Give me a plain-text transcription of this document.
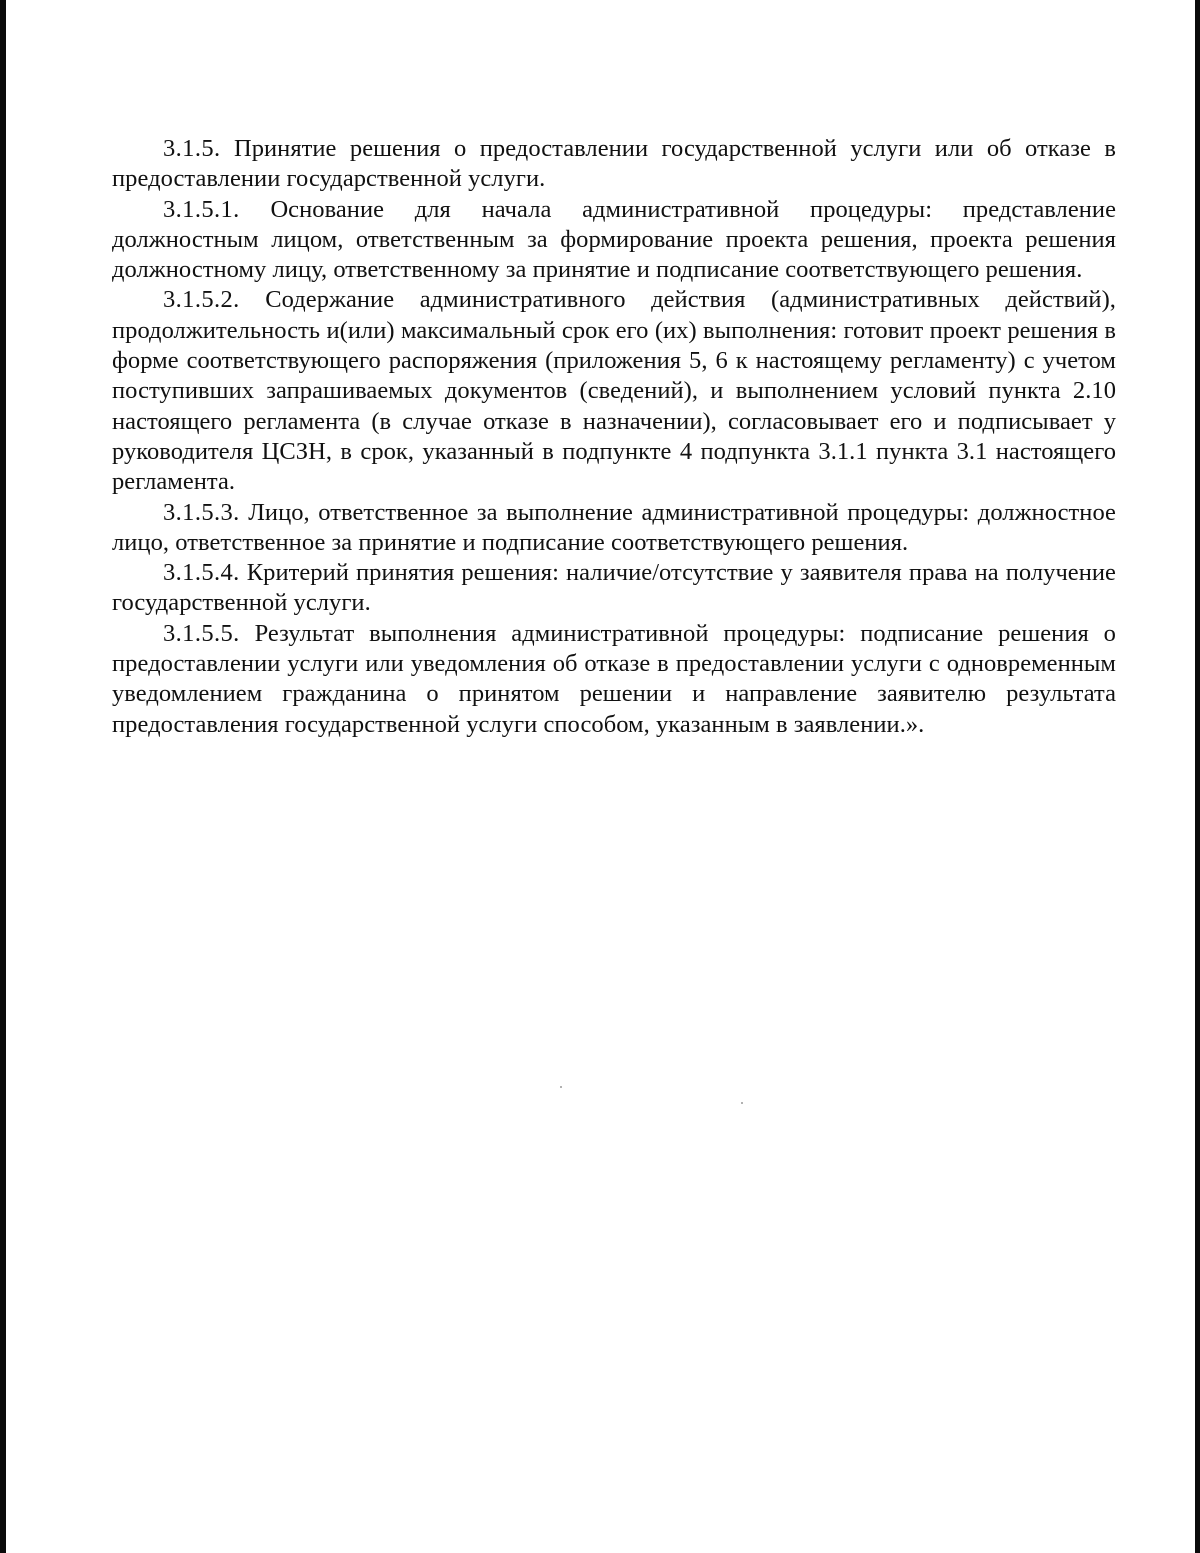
3.1.5. Принятие решения о предоставлении государственной услуги или об отказе в предоставлении государственной услуги.

3.1.5.1. Основание для начала административной процедуры: представление должностным лицом, ответственным за формирование проекта решения, проекта решения должностному лицу, ответственному за принятие и подписание соответствующего решения.

3.1.5.2. Содержание административного действия (административных действий), продолжительность и(или) максимальный срок его (их) выполнения: готовит проект решения в форме соответствующего распоряжения (приложения 5, 6 к настоящему регламенту) с учетом поступивших запрашиваемых документов (сведений), и выполнением условий пункта 2.10 настоящего регламента (в случае отказе в назначении), согласовывает его и подписывает у руководителя ЦСЗН, в срок, указанный в подпункте 4 подпункта 3.1.1 пункта 3.1 настоящего регламента.

3.1.5.3. Лицо, ответственное за выполнение административной процедуры: должностное лицо, ответственное за принятие и подписание соответствующего решения.

3.1.5.4. Критерий принятия решения: наличие/отсутствие у заявителя права на получение государственной услуги.

3.1.5.5. Результат выполнения административной процедуры: подписание решения о предоставлении услуги или уведомления об отказе в предоставлении услуги с одновременным уведомлением гражданина о принятом решении и направление заявителю результата предоставления государственной услуги способом, указанным в заявлении.».
